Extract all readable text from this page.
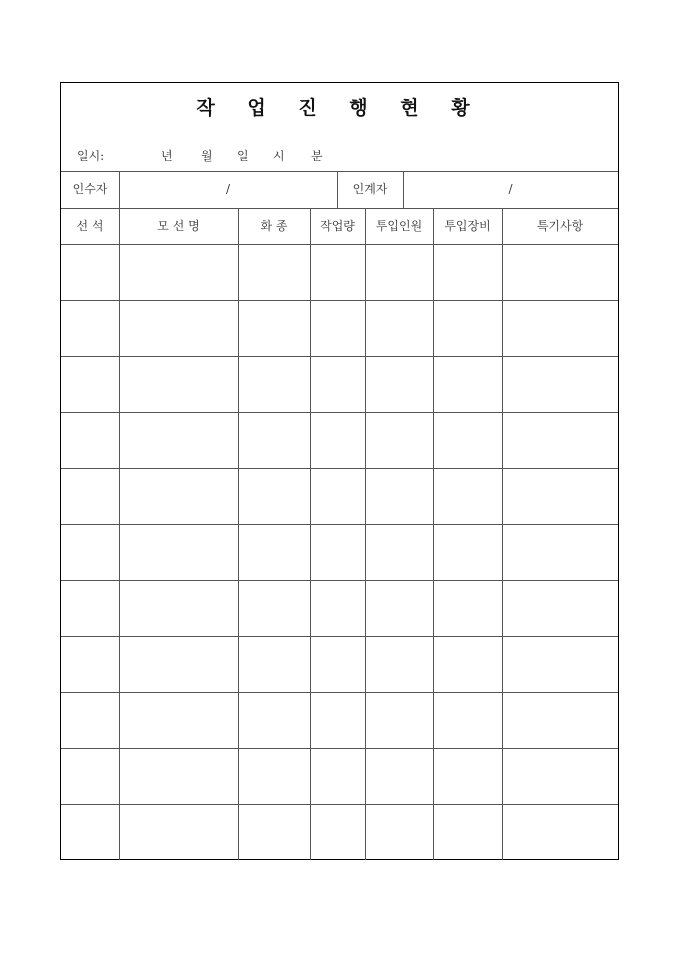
작 업 진 행 현 황
일시:	년 월 일 시 분
인수자	/	인계자	/
선 석	모 선 명	화 종	작업량	투입인원	투입장비	특기사항
